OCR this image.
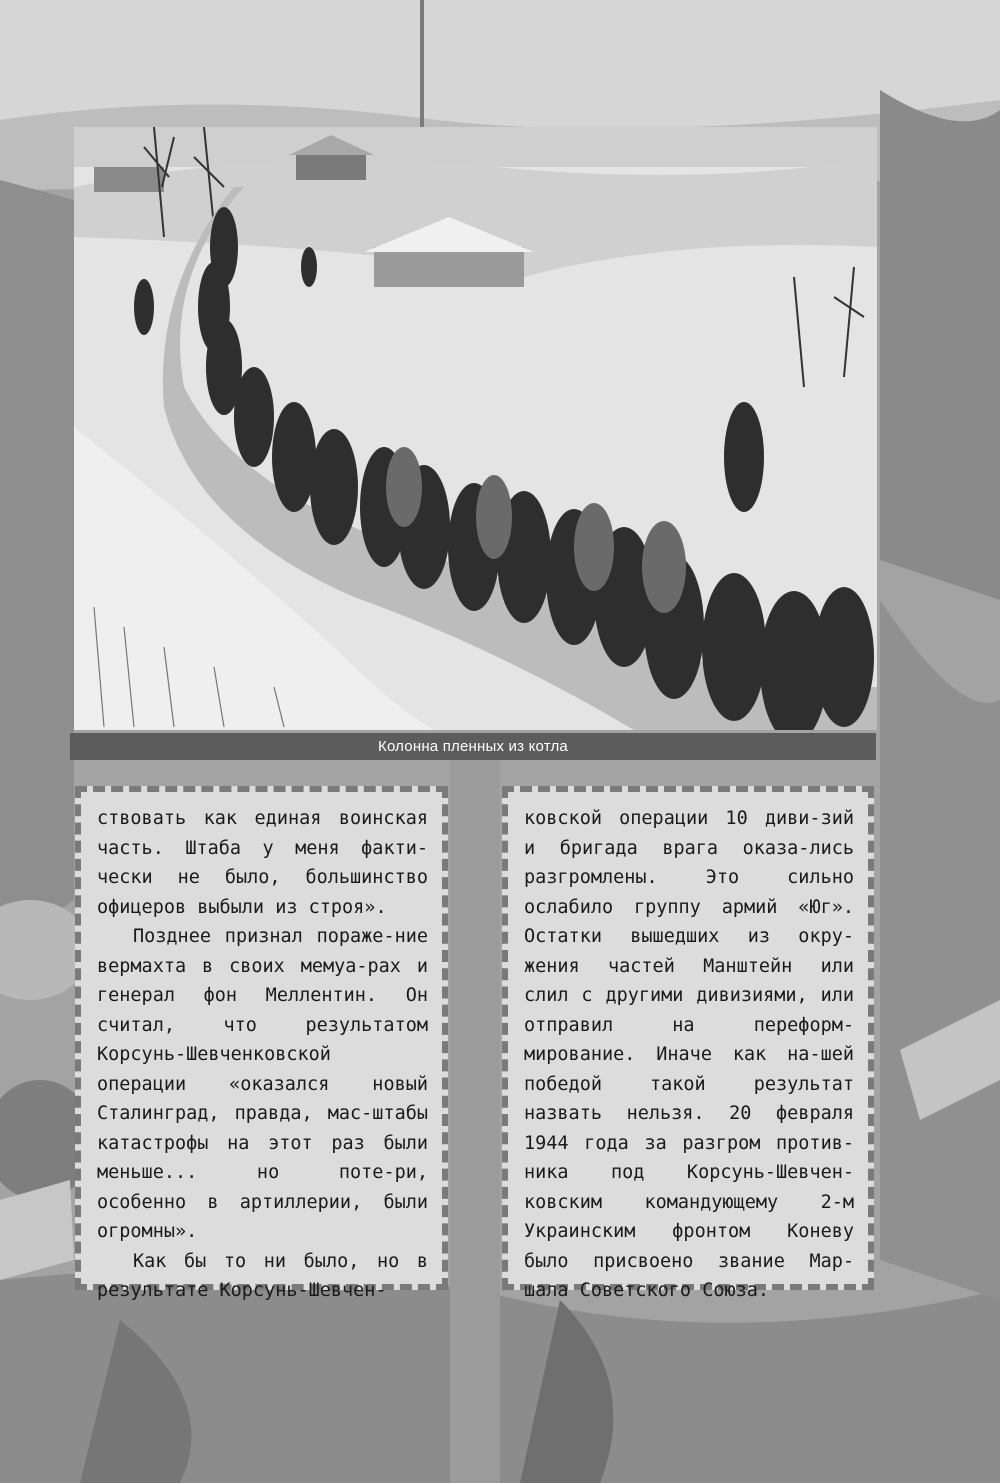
Колонна пленных из котла

ствовать как единая воинская часть. Штаба у меня факти-чески не было, большинство офицеров выбыли из строя».

Позднее признал пораже-ние вермахта в своих мемуа-рах и генерал фон Меллентин. Он считал, что результатом Корсунь-Шевченковской операции «оказался новый Сталинград, правда, мас-штабы катастрофы на этот раз были меньше... но потe-ри, особенно в артиллерии, были огромны».

Как бы то ни было, но в результате Корсунь-Шевчен-

ковской операции 10 диви-зий и бригада врага оказа-лись разгромлены. Это сильно ослабило группу армий «Юг». Остатки вышедших из окру-жения частей Манштейн или слил с другими дивизиями, или отправил на переформ-мирование. Иначе как на-шей победой такой результат назвать нельзя. 20 февраля 1944 года за разгром против-ника под Корсунь-Шевчен-ковским командующему 2-м Украинским фронтом Коневу было присвоено звание Мар-шала Советского Союза.
